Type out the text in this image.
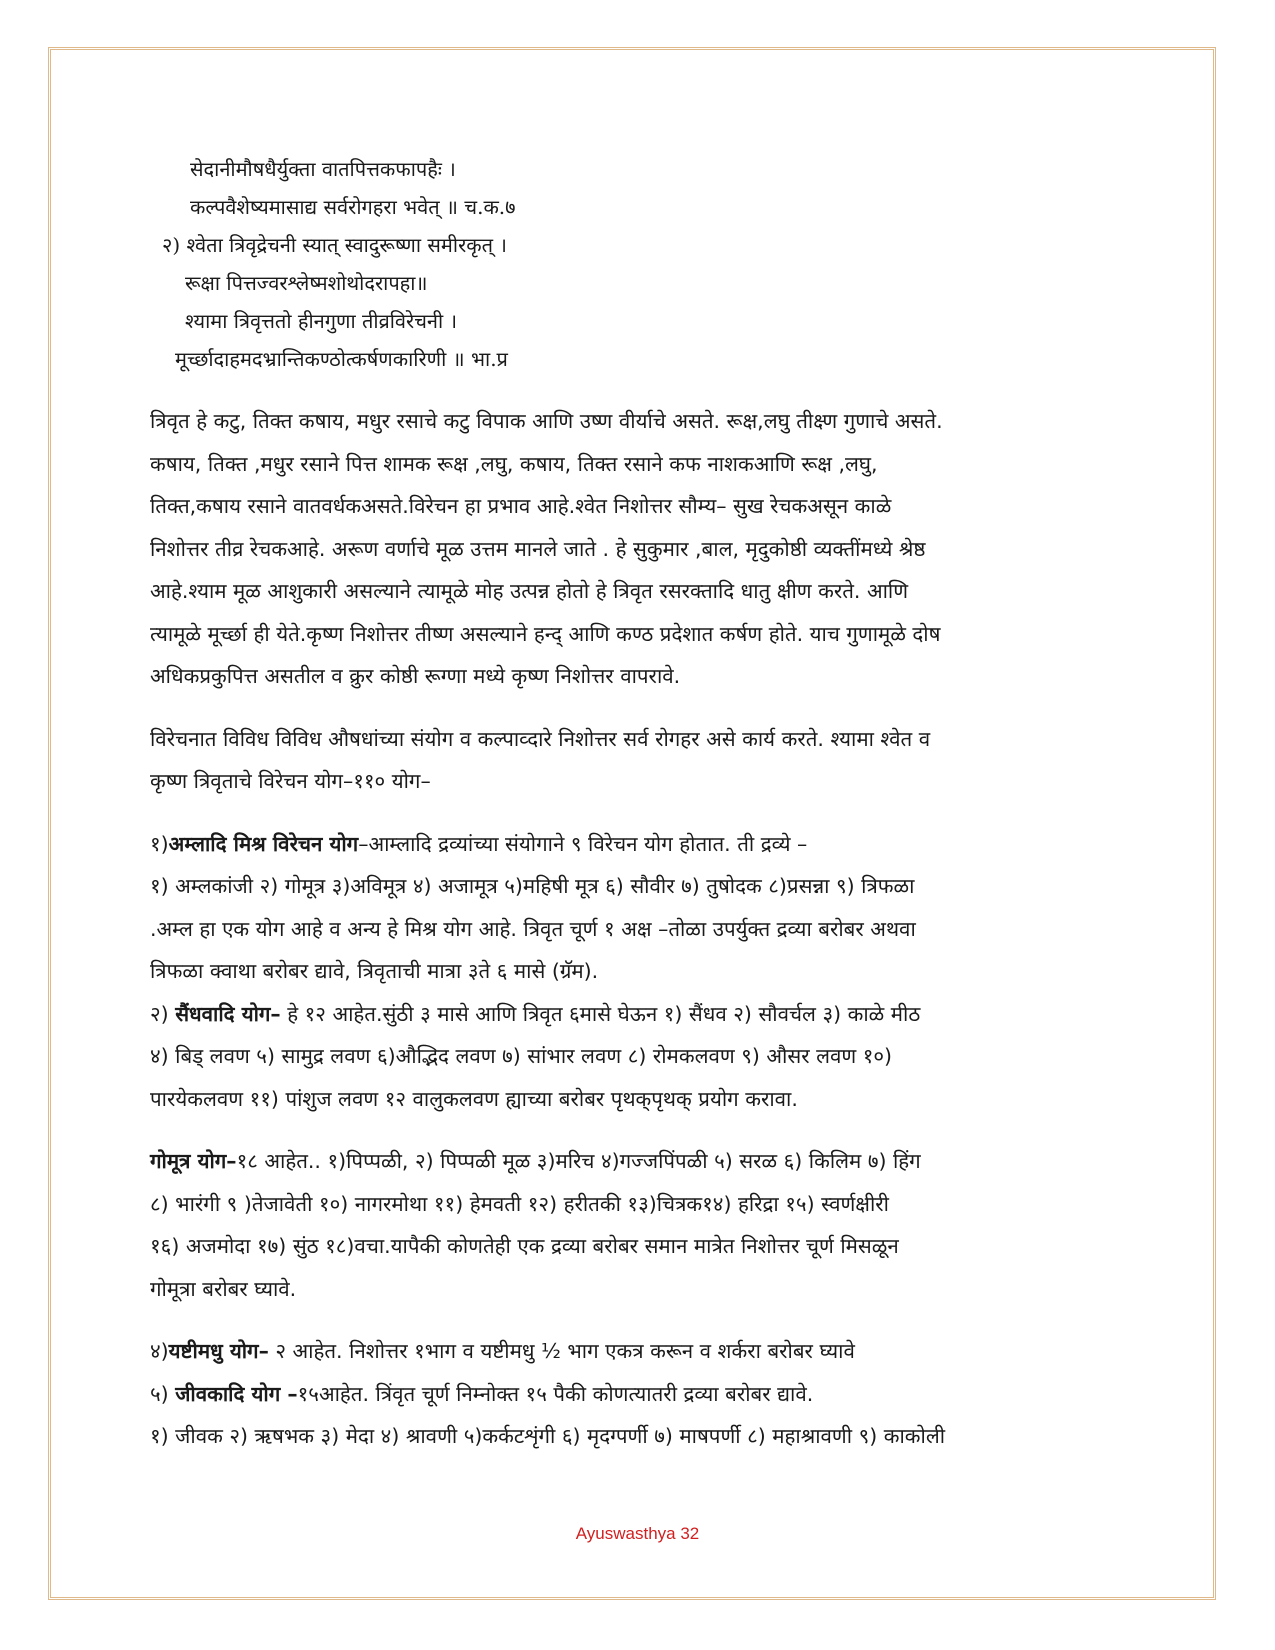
सेदानीमौषधैर्युक्ता वातपित्तकफापहैः ।
कल्पवैशेष्यमासाद्य सर्वरोगहरा भवेत् ॥ च.क.७
२) श्वेता त्रिवृद्रेचनी स्यात् स्वादुरूष्णा समीरकृत् ।
रूक्षा पित्तज्वरश्लेष्मशोथोदरापहा॥
श्यामा त्रिवृत्ततो हीनगुणा तीव्रविरेचनी ।
मूर्च्छादाहमदभ्रान्तिकण्ठोत्कर्षणकारिणी ॥ भा.प्र

त्रिवृत हे कटु, तिक्त कषाय, मधुर रसाचे कटु विपाक आणि उष्ण वीर्याचे असते. रूक्ष,लघु तीक्ष्ण गुणाचे असते.

कषाय, तिक्त ,मधुर रसाने पित्त शामक रूक्ष ,लघु, कषाय, तिक्त रसाने कफ नाशकआणि रूक्ष ,लघु,

तिक्त,कषाय रसाने वातवर्धकअसते.विरेचन हा प्रभाव आहे.श्वेत निशोत्तर सौम्य– सुख रेचकअसून काळे

निशोत्तर तीव्र रेचकआहे. अरूण वर्णाचे मूळ उत्तम मानले जाते . हे सुकुमार ,बाल, मृदुकोष्ठी व्यक्तींमध्ये श्रेष्ठ

आहे.श्याम मूळ आशुकारी असल्याने त्यामूळे मोह उत्पन्न होतो हे त्रिवृत रसरक्तादि धातु क्षीण करते. आणि

त्यामूळे मूर्च्छा ही येते.कृष्ण निशोत्तर तीष्ण असल्याने हन्द् आणि कण्ठ प्रदेशात कर्षण होते. याच गुणामूळे दोष

अधिकप्रकुपित्त असतील व क्रुर कोष्ठी रूग्णा मध्ये कृष्ण निशोत्तर वापरावे.

विरेचनात विविध विविध औषधांच्या संयोग व कल्पाव्दारे निशोत्तर सर्व रोगहर असे कार्य करते. श्यामा श्वेत व

कृष्ण त्रिवृताचे विरेचन योग–११० योग–

१)अम्लादि मिश्र विरेचन योग–आम्लादि द्रव्यांच्या संयोगाने ९ विरेचन योग होतात. ती द्रव्ये –

१) अम्लकांजी २) गोमूत्र ३)अविमूत्र ४) अजामूत्र ५)महिषी मूत्र ६) सौवीर ७) तुषोदक ८)प्रसन्ना ९) त्रिफळा

.अम्ल हा एक योग आहे व अन्य हे मिश्र योग आहे. त्रिवृत चूर्ण १ अक्ष –तोळा उपर्युक्त द्रव्या बरोबर अथवा

त्रिफळा क्वाथा बरोबर द्यावे, त्रिवृताची मात्रा ३ते ६ मासे (ग्रॅम).

२) सैंधवादि योग– हे १२ आहेत.सुंठी ३ मासे आणि त्रिवृत ६मासे घेऊन १) सैंधव २) सौवर्चल ३) काळे मीठ

४) बिड् लवण ५) सामुद्र लवण ६)औद्भिद लवण ७) सांभार लवण ८) रोमकलवण ९) औसर लवण १०)

पारयेकलवण ११) पांशुज लवण १२ वालुकलवण ह्याच्या बरोबर पृथक्‌पृथक् प्रयोग करावा.

गोमूत्र योग–१८ आहेत.. १)पिप्पळी, २) पिप्पळी मूळ ३)मरिच ४)गज्जपिंपळी ५) सरळ ६) किलिम ७) हिंग

८) भारंगी ९ )तेजावेती १०) नागरमोथा ११) हेमवती १२) हरीतकी १३)चित्रक१४) हरिद्रा १५) स्वर्णक्षीरी

१६) अजमोदा १७) सुंठ १८)वचा.यापैकी कोणतेही एक द्रव्या बरोबर समान मात्रेत निशोत्तर चूर्ण मिसळून

गोमूत्रा बरोबर घ्यावे.

४)यष्टीमधु योग– २ आहेत. निशोत्तर १भाग व यष्टीमधु ½ भाग एकत्र करून व शर्करा बरोबर घ्यावे

५) जीवकादि योग –१५आहेत. त्रिंवृत चूर्ण निम्नोक्त १५ पैकी कोणत्यातरी द्रव्या बरोबर द्यावे.

१) जीवक २) ऋषभक ३) मेदा ४) श्रावणी ५)कर्कटशृंगी ६) मृदग्पर्णी ७) माषपर्णी ८) महाश्रावणी ९) काकोली

Ayuswasthya 32
